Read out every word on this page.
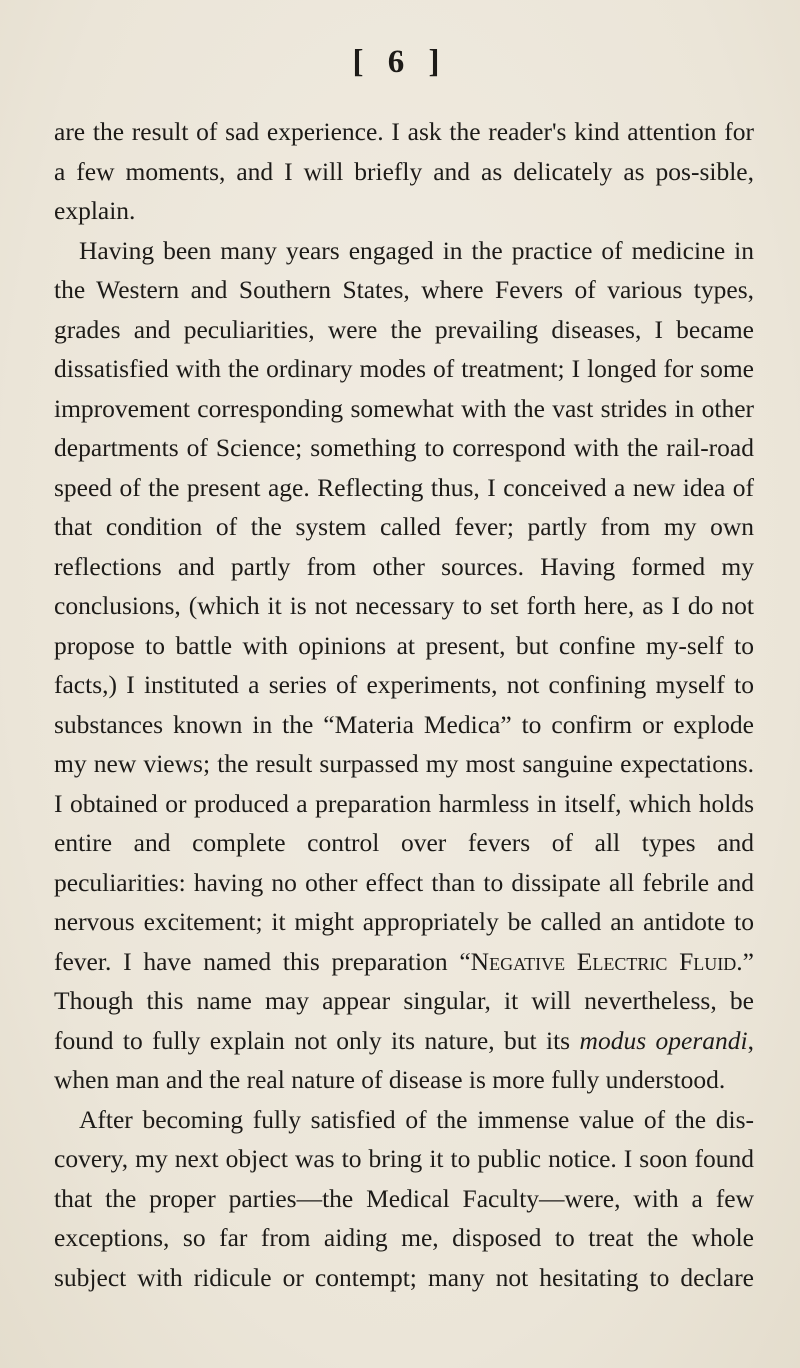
[ 6 ]

are the result of sad experience. I ask the reader's kind attention for a few moments, and I will briefly and as delicately as pos-sible, explain.

Having been many years engaged in the practice of medicine in the Western and Southern States, where Fevers of various types, grades and peculiarities, were the prevailing diseases, I became dissatisfied with the ordinary modes of treatment; I longed for some improvement corresponding somewhat with the vast strides in other departments of Science; something to correspond with the rail-road speed of the present age. Reflecting thus, I conceived a new idea of that condition of the system called fever; partly from my own reflections and partly from other sources. Having formed my conclusions, (which it is not necessary to set forth here, as I do not propose to battle with opinions at present, but confine my-self to facts,) I instituted a series of experiments, not confining myself to substances known in the “Materia Medica” to confirm or explode my new views; the result surpassed my most sanguine expectations. I obtained or produced a preparation harmless in itself, which holds entire and complete control over fevers of all types and peculiarities: having no other effect than to dissipate all febrile and nervous excitement; it might appropriately be called an antidote to fever. I have named this preparation “Negative Electric Fluid.” Though this name may appear singular, it will nevertheless, be found to fully explain not only its nature, but its modus operandi, when man and the real nature of disease is more fully understood.

After becoming fully satisfied of the immense value of the dis-covery, my next object was to bring it to public notice. I soon found that the proper parties—the Medical Faculty—were, with a few exceptions, so far from aiding me, disposed to treat the whole subject with ridicule or contempt; many not hesitating to declare
